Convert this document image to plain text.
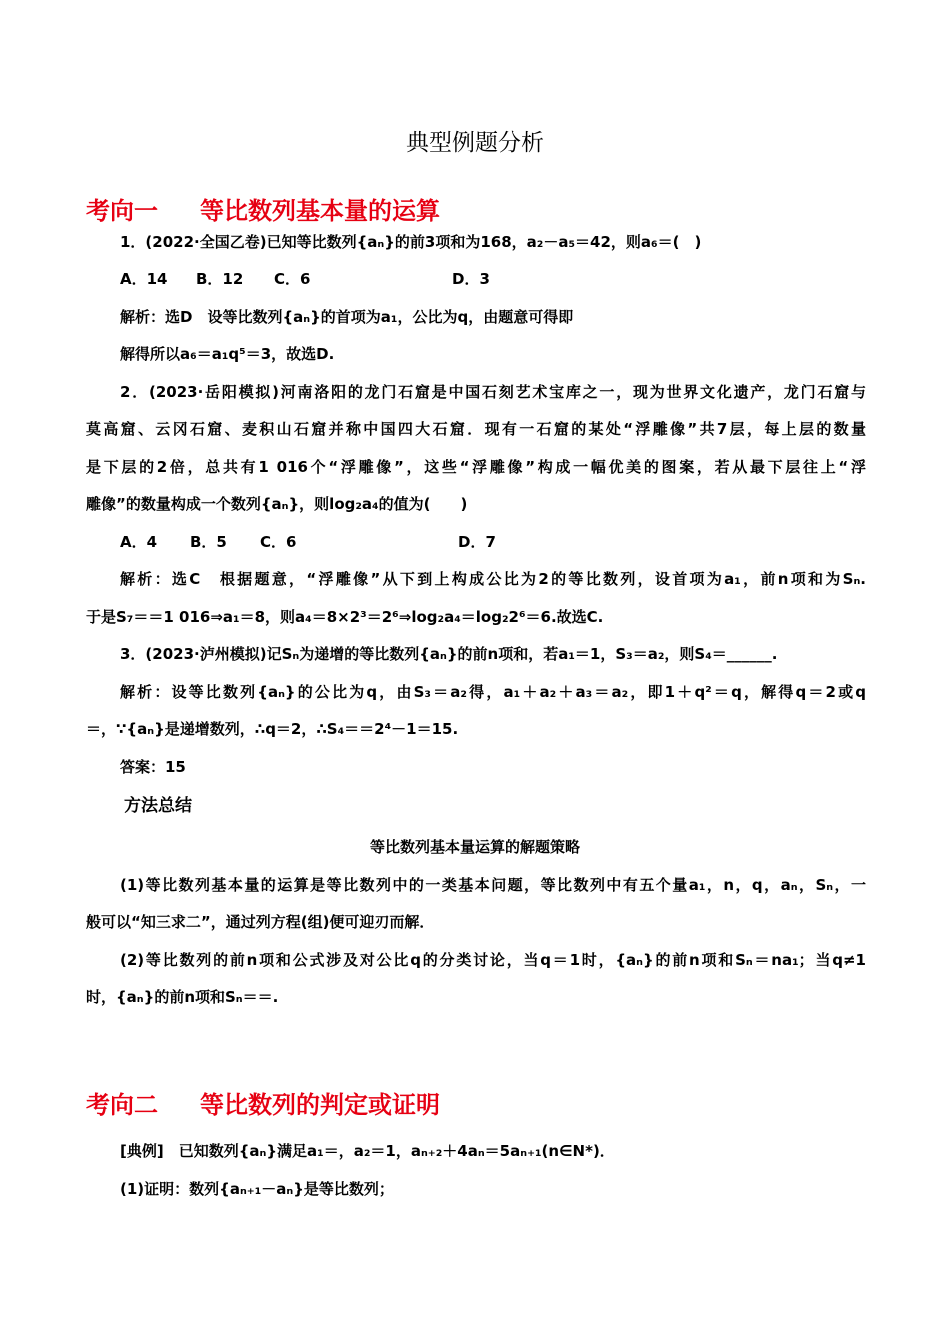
典型例题分析
考向一 等比数列基本量的运算
1．(2022·全国乙卷)已知等比数列{aₙ}的前3项和为168，a₂－a₅＝42，则a₆＝(　)
A．14 B．12 C．6	D．3
解析：选D　设等比数列{aₙ}的首项为a₁，公比为q，由题意可得即
解得所以a₆＝a₁q⁵＝3，故选D.
2．(2023·岳阳模拟)河南洛阳的龙门石窟是中国石刻艺术宝库之一，现为世界文化遗产，龙门石窟与
莫高窟、云冈石窟、麦积山石窟并称中国四大石窟．现有一石窟的某处“浮雕像”共7层，每上层的数量
是下层的2倍，总共有1 016个“浮雕像”，这些“浮雕像”构成一幅优美的图案，若从最下层往上“浮
雕像”的数量构成一个数列{aₙ}，则log₂a₄的值为(　　)
A．4 B．5 C．6	D．7
解析：选C　根据题意，“浮雕像”从下到上构成公比为2的等比数列，设首项为a₁，前n项和为Sₙ.
于是S₇＝＝1 016⇒a₁＝8，则a₄＝8×2³＝2⁶⇒log₂a₄＝log₂2⁶＝6.故选C.
3．(2023·泸州模拟)记Sₙ为递增的等比数列{aₙ}的前n项和，若a₁＝1，S₃＝a₂，则S₄＝______.
解析：设等比数列{aₙ}的公比为q，由S₃＝a₂得，a₁＋a₂＋a₃＝a₂，即1＋q²＝q，解得q＝2或q
＝，∵{aₙ}是递增数列，∴q＝2，∴S₄＝＝2⁴－1＝15.
答案：15
方法总结
等比数列基本量运算的解题策略
(1)等比数列基本量的运算是等比数列中的一类基本问题，等比数列中有五个量a₁，n，q，aₙ，Sₙ，一
般可以“知三求二”，通过列方程(组)便可迎刃而解．
(2)等比数列的前n项和公式涉及对公比q的分类讨论，当q＝1时，{aₙ}的前n项和Sₙ＝na₁；当q≠1
时，{aₙ}的前n项和Sₙ＝＝.
考向二 等比数列的判定或证明
[典例]　已知数列{aₙ}满足a₁＝，a₂＝1，aₙ₊₂＋4aₙ＝5aₙ₊₁(n∈N*)．
(1)证明：数列{aₙ₊₁－aₙ}是等比数列；
